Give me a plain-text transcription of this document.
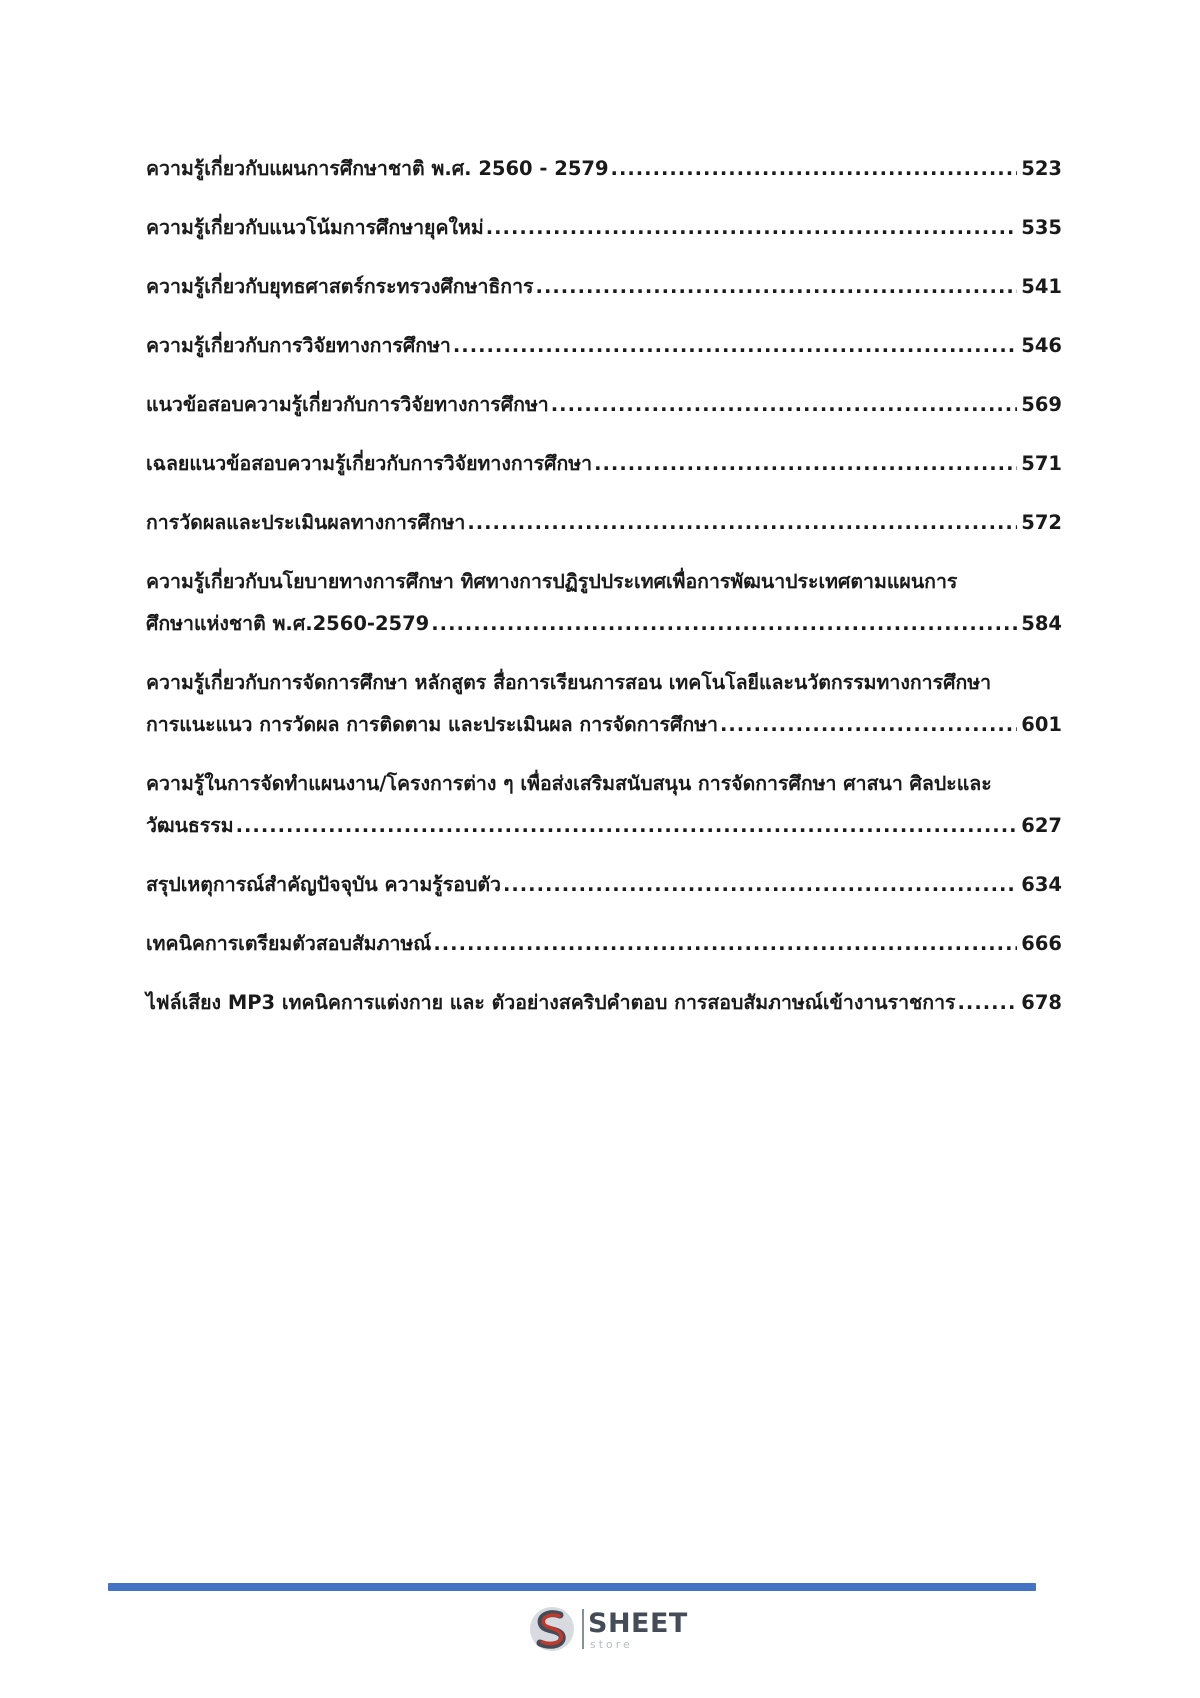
ความรู้เกี่ยวกับแผนการศึกษาชาติ พ.ศ. 2560 - 2579 .....	523
ความรู้เกี่ยวกับแนวโน้มการศึกษายุคใหม่ .....	535
ความรู้เกี่ยวกับยุทธศาสตร์กระทรวงศึกษาธิการ .....	541
ความรู้เกี่ยวกับการวิจัยทางการศึกษา .....	546
แนวข้อสอบความรู้เกี่ยวกับการวิจัยทางการศึกษา .....	569
เฉลยแนวข้อสอบความรู้เกี่ยวกับการวิจัยทางการศึกษา .....	571
การวัดผลและประเมินผลทางการศึกษา .....	572
ความรู้เกี่ยวกับนโยบายทางการศึกษา ทิศทางการปฏิรูปประเทศเพื่อการพัฒนาประเทศตามแผนการ
ศึกษาแห่งชาติ พ.ศ.2560-2579 .....	584
ความรู้เกี่ยวกับการจัดการศึกษา หลักสูตร สื่อการเรียนการสอน เทคโนโลยีและนวัตกรรมทางการศึกษา
การแนะแนว การวัดผล การติดตาม และประเมินผล การจัดการศึกษา .....	601
ความรู้ในการจัดทำแผนงาน/โครงการต่าง ๆ เพื่อส่งเสริมสนับสนุน การจัดการศึกษา ศาสนา ศิลปะและ
วัฒนธรรม .....	627
สรุปเหตุการณ์สำคัญปัจจุบัน ความรู้รอบตัว .....	634
เทคนิคการเตรียมตัวสอบสัมภาษณ์ .....	666
ไฟล์เสียง MP3 เทคนิคการแต่งกาย และ ตัวอย่างสคริปคำตอบ การสอบสัมภาษณ์เข้างานราชการ .....	678
SHEET
store
